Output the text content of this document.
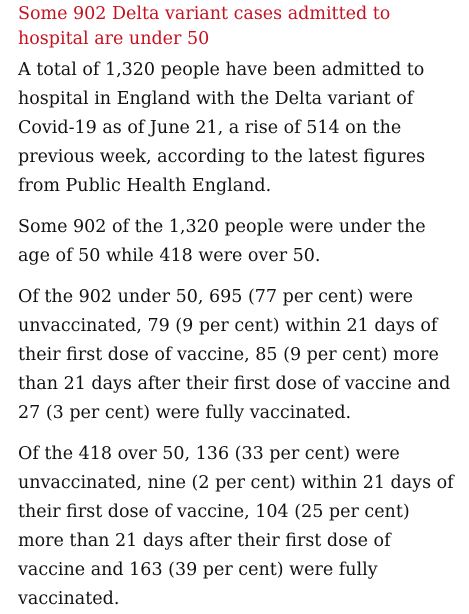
Some 902 Delta variant cases admitted to hospital are under 50

A total of 1,320 people have been admitted to hospital in England with the Delta variant of Covid-19 as of June 21, a rise of 514 on the previous week, according to the latest figures from Public Health England.

Some 902 of the 1,320 people were under the age of 50 while 418 were over 50.

Of the 902 under 50, 695 (77 per cent) were unvaccinated, 79 (9 per cent) within 21 days of their first dose of vaccine, 85 (9 per cent) more than 21 days after their first dose of vaccine and 27 (3 per cent) were fully vaccinated.

Of the 418 over 50, 136 (33 per cent) were unvaccinated, nine (2 per cent) within 21 days of their first dose of vaccine, 104 (25 per cent) more than 21 days after their first dose of vaccine and 163 (39 per cent) were fully vaccinated.
